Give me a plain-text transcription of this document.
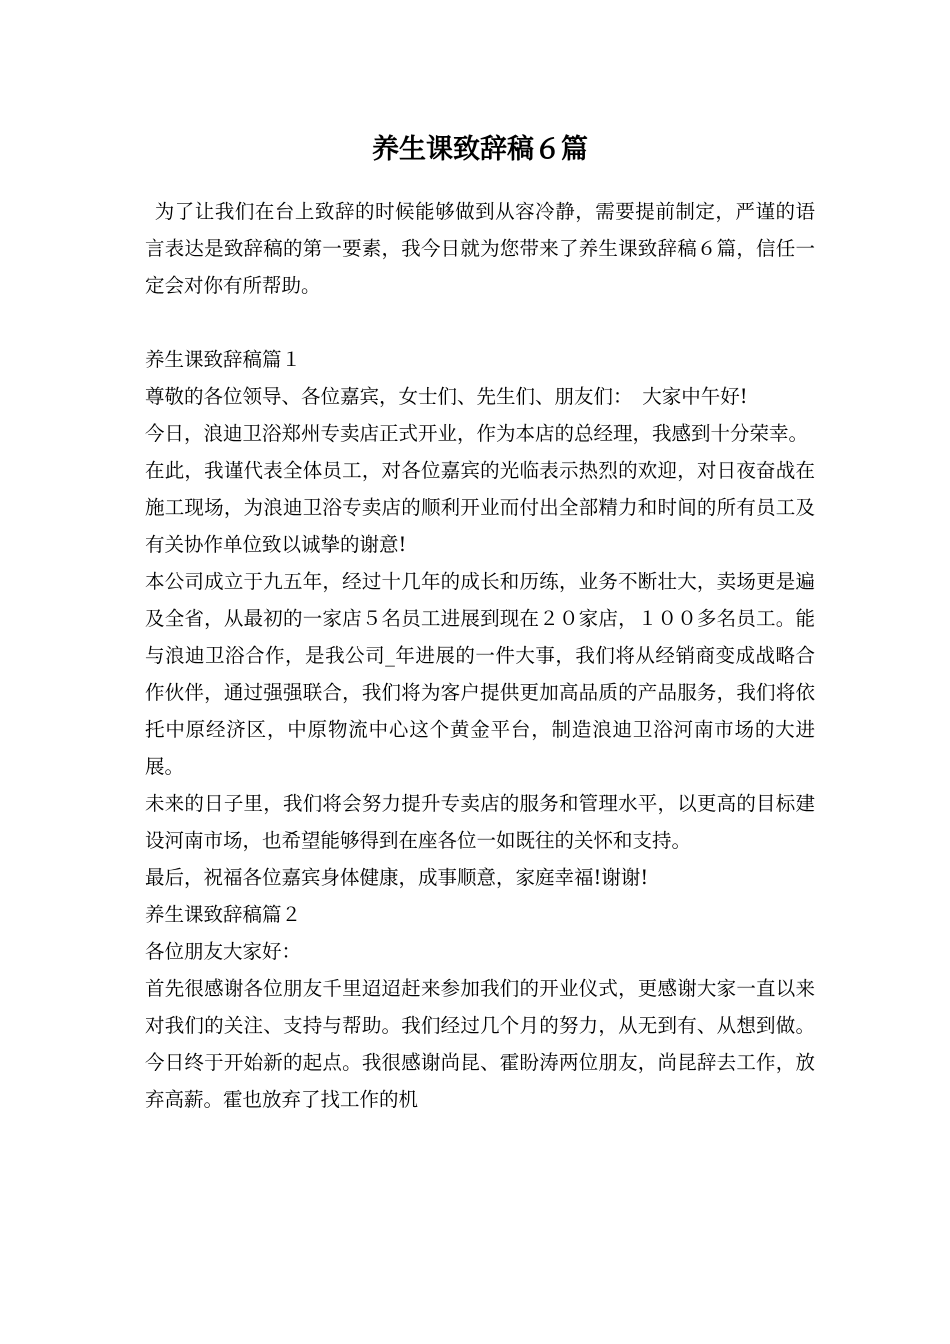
养生课致辞稿６篇

为了让我们在台上致辞的时候能够做到从容冷静，需要提前制定，严谨的语言表达是致辞稿的第一要素，我今日就为您带来了养生课致辞稿６篇，信任一定会对你有所帮助。

养生课致辞稿篇１

尊敬的各位领导、各位嘉宾，女士们、先生们、朋友们：　大家中午好!

今日，浪迪卫浴郑州专卖店正式开业，作为本店的总经理，我感到十分荣幸。

在此，我谨代表全体员工，对各位嘉宾的光临表示热烈的欢迎，对日夜奋战在施工现场，为浪迪卫浴专卖店的顺利开业而付出全部精力和时间的所有员工及有关协作单位致以诚挚的谢意!

本公司成立于九五年，经过十几年的成长和历练，业务不断壮大，卖场更是遍及全省，从最初的一家店５名员工进展到现在２０家店，１００多名员工。能与浪迪卫浴合作，是我公司_年进展的一件大事，我们将从经销商变成战略合作伙伴，通过强强联合，我们将为客户提供更加高品质的产品服务，我们将依托中原经济区，中原物流中心这个黄金平台，制造浪迪卫浴河南市场的大进展。

未来的日子里，我们将会努力提升专卖店的服务和管理水平，以更高的目标建设河南市场，也希望能够得到在座各位一如既往的关怀和支持。

最后，祝福各位嘉宾身体健康，成事顺意，家庭幸福!谢谢!

养生课致辞稿篇２

各位朋友大家好：

首先很感谢各位朋友千里迢迢赶来参加我们的开业仪式，更感谢大家一直以来对我们的关注、支持与帮助。我们经过几个月的努力，从无到有、从想到做。今日终于开始新的起点。我很感谢尚昆、霍盼涛两位朋友，尚昆辞去工作，放弃高薪。霍也放弃了找工作的机
